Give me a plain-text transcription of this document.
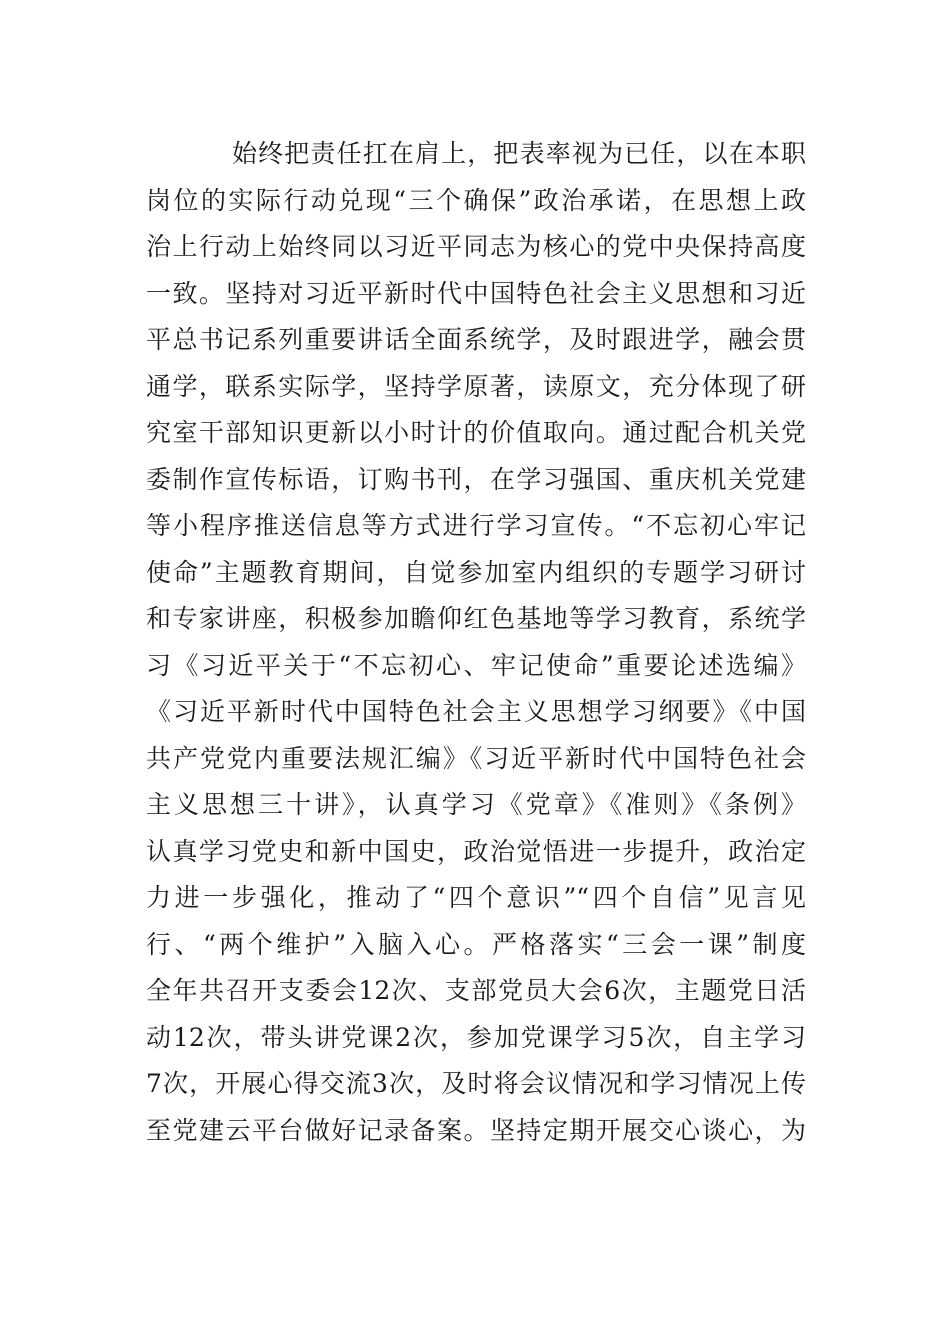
始终把责任扛在肩上，把表率视为已任，以在本职
岗位的实际行动兑现“三个确保”政治承诺，在思想上政
治上行动上始终同以习近平同志为核心的党中央保持高度
一致。坚持对习近平新时代中国特色社会主义思想和习近
平总书记系列重要讲话全面系统学，及时跟进学，融会贯
通学，联系实际学，坚持学原著，读原文，充分体现了研
究室干部知识更新以小时计的价值取向。通过配合机关党
委制作宣传标语，订购书刊，在学习强国、重庆机关党建
等小程序推送信息等方式进行学习宣传。“不忘初心牢记
使命”主题教育期间，自觉参加室内组织的专题学习研讨
和专家讲座，积极参加瞻仰红色基地等学习教育，系统学
习《习近平关于“不忘初心、牢记使命”重要论述选编》
《习近平新时代中国特色社会主义思想学习纲要》《中国
共产党党内重要法规汇编》《习近平新时代中国特色社会
主义思想三十讲》，认真学习《党章》《准则》《条例》
认真学习党史和新中国史，政治觉悟进一步提升，政治定
力进一步强化，推动了“四个意识”“四个自信”见言见
行、“两个维护”入脑入心。严格落实“三会一课”制度
全年共召开支委会12次、支部党员大会6次，主题党日活
动12次，带头讲党课2次，参加党课学习5次，自主学习
7次，开展心得交流3次，及时将会议情况和学习情况上传
至党建云平台做好记录备案。坚持定期开展交心谈心，为
